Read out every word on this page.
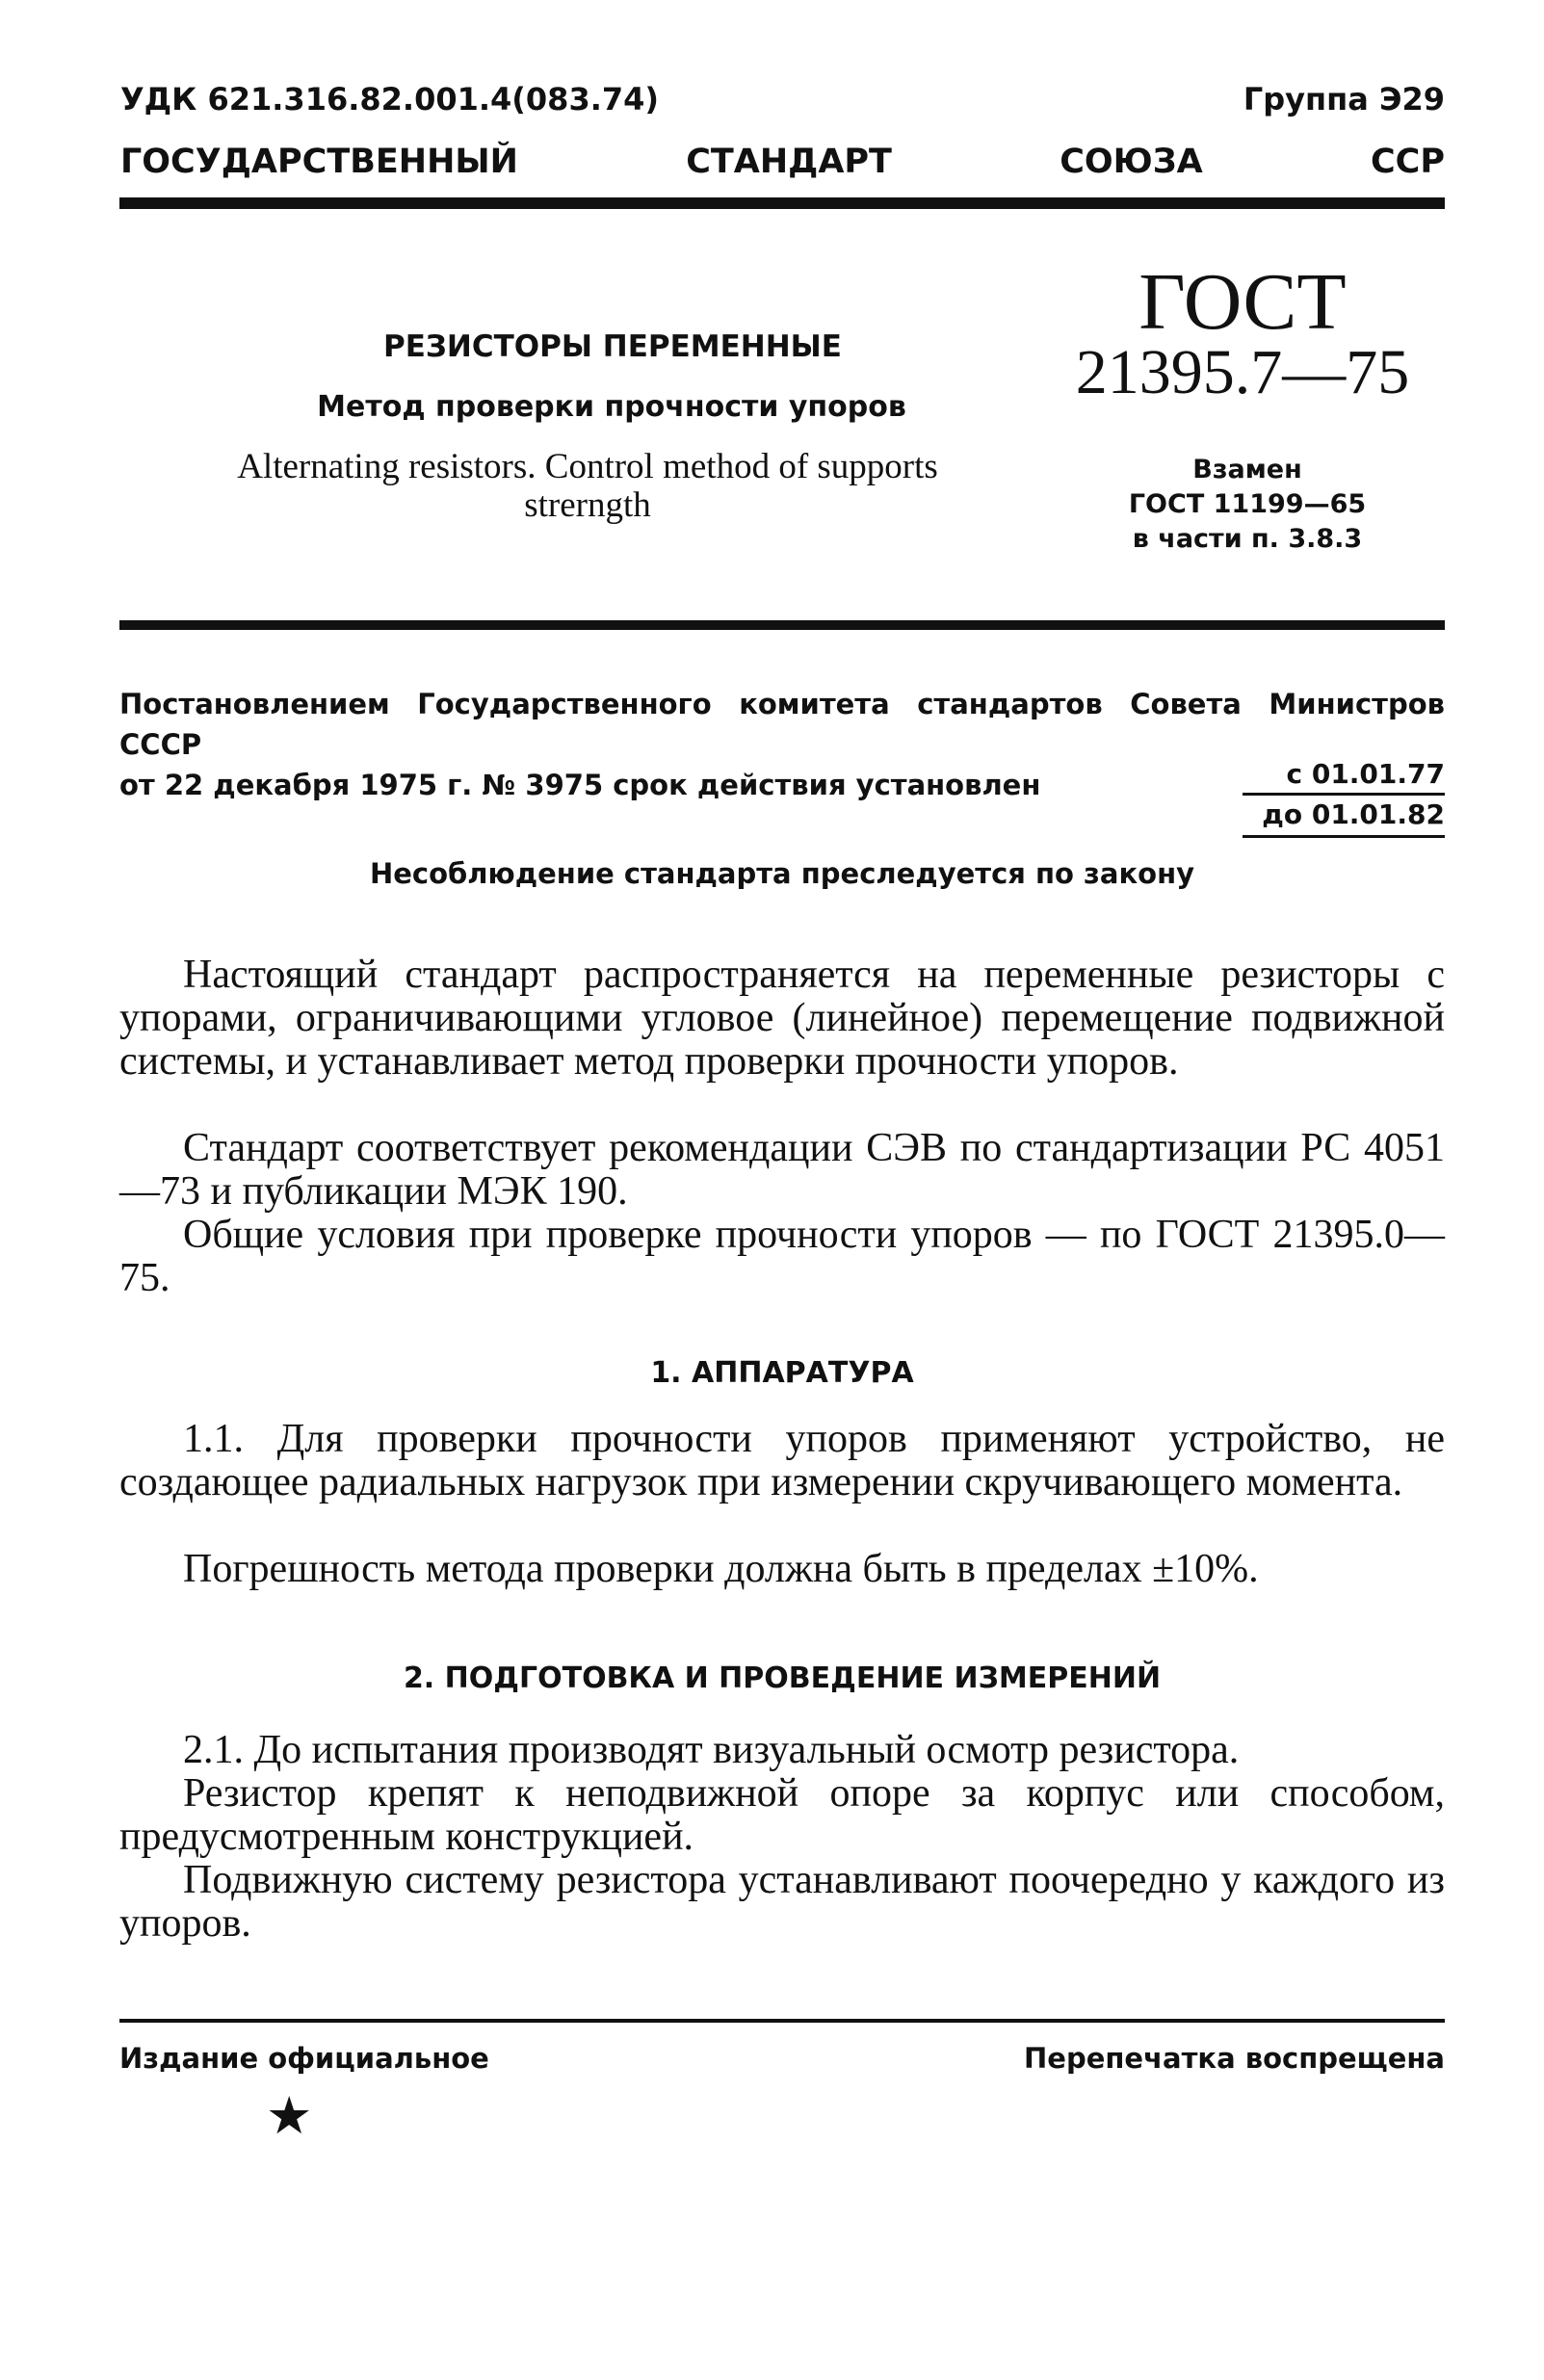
УДК 621.316.82.001.4(083.74)	Группа Э29
ГОСУДАРСТВЕННЫЙ	СТАНДАРТ	СОЮЗА	ССР
РЕЗИСТОРЫ ПЕРЕМЕННЫЕ
Метод проверки прочности упоров
Alternating resistors. Control method of supports
strerngth
ГОСТ
21395.7—75
Взамен
ГОСТ 11199—65
в части п. 3.8.3
Постановлением Государственного комитета стандартов Совета Министров СССР
от 22 декабря 1975 г. № 3975 срок действия установлен	с 01.01.77
до 01.01.82
Несоблюдение стандарта преследуется по закону
Настоящий стандарт распространяется на переменные резисторы с упорами, ограничивающими угловое (линейное) перемещение подвижной системы, и устанавливает метод проверки прочности упоров.
Стандарт соответствует рекомендации СЭВ по стандартизации РС 4051—73 и публикации МЭК 190.
Общие условия при проверке прочности упоров — по ГОСТ 21395.0—75.
1. АППАРАТУРА
1.1. Для проверки прочности упоров применяют устройство, не создающее радиальных нагрузок при измерении скручивающего момента.
Погрешность метода проверки должна быть в пределах ±10%.
2. ПОДГОТОВКА И ПРОВЕДЕНИЕ ИЗМЕРЕНИЙ
2.1. До испытания производят визуальный осмотр резистора.
Резистор крепят к неподвижной опоре за корпус или способом, предусмотренным конструкцией.
Подвижную систему резистора устанавливают поочередно у каждого из упоров.
Издание официальное	Перепечатка воспрещена
★
